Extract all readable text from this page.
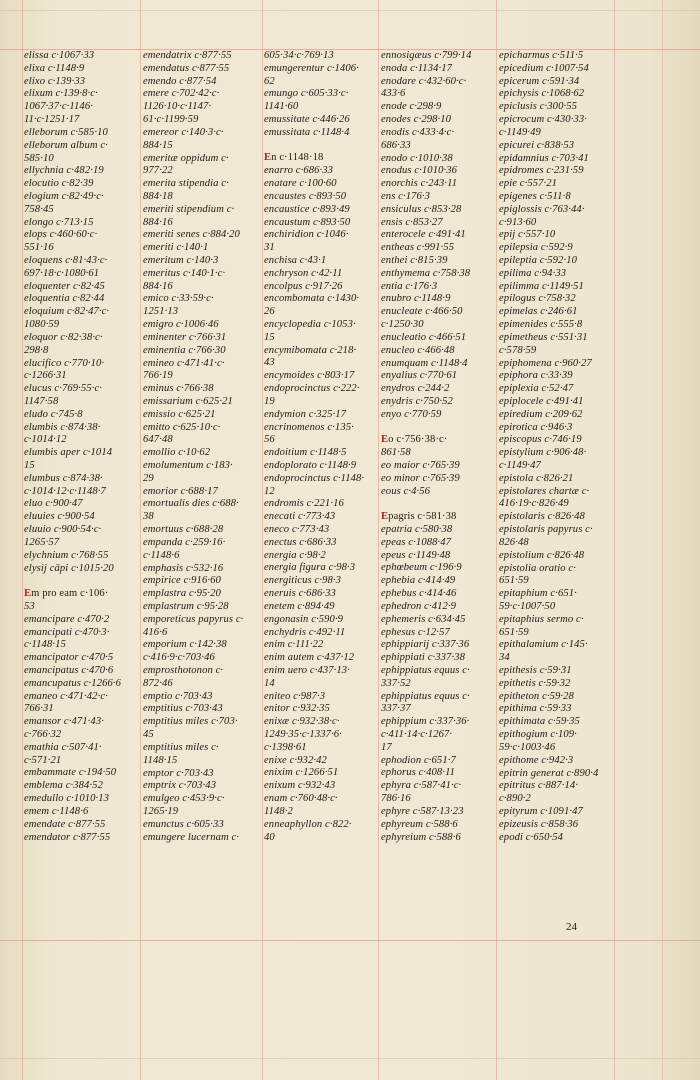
elissa c·1067·33
elixa c·1148·9
elixo c·139·33
elixum c·139·8·c·
1067·37·c·1146·
11·c·1251·17
elleborum c·585·10
elleborum album c·
585·10
ellychnia c·482·19
elocutio c·82·39
elogium c·82·49·c·
758·45
elongo c·713·15
elops c·460·60·c·
551·16
eloquens c·81·43·c·
697·18·c·1080·61
eloquenter c·82·45
eloquentia c·82·44
eloquium c·82·47·c·
1080·59
eloquor c·82·38·c·
298·8
elucifico c·770·10·
c·1266·31
elucus c·769·55·c·
1147·58
eludo c·745·8
elumbis c·874·38·
c·1014·12
elumbis aper c·1014
15
elumbus c·874·38·
c·1014·12·c·1148·7
eluo c·900·47
eluuies c·900·54
eluuio c·900·54·c·
1265·57
elychnium c·768·55
elysij cāpi c·1015·20
Em pro eam c·106·
53
emancipare c·470·2
emancipati c·470·3·
c·1148·15
emancipator c·470·5
emancipatus c·470·6
emancupatus c·1266·6
emaneo c·471·42·c·
766·31
emansor c·471·43·
c·766·32
emathia c·507·41·
c·571·21
embammate c·194·50
emblema c·384·52
emedullo c·1010·13
emem c·1148·6
emendate c·877·55
emendator c·877·55
emendatrix c·877·55
emendatus c·877·55
emendo c·877·54
emere c·702·42·c·
1126·10·c·1147·
61·c·1199·59
emereor c·140·3·c·
884·15
emeritæ oppidum c·
977·22
emerita stipendia c·
884·18
emeriti stipendium c·
884·16
emeriti senes c·884·20
emeriti c·140·1
emeritum c·140·3
emeritus c·140·1·c·
884·16
emico c·33·59·c·
1251·13
emigro c·1006·46
eminenter c·766·31
eminentia c·766·30
emineo c·471·41·c·
766·19
eminus c·766·38
emissarium c·625·21
emissio c·625·21
emitto c·625·10·c·
647·48
emollio c·10·62
emolumentum c·183·
29
emorior c·688·17
emortualis dies c·688·
38
emortuus c·688·28
empanda c·259·16·
c·1148·6
emphasis c·532·16
empirice c·916·60
emplastra c·95·20
emplastrum c·95·28
emporeticus papyrus c·
416·6
emporium c·142·38
c·416·9·c·703·46
emprosthotonon c·
872·46
emptio c·703·43
emptitius c·703·43
emptitius miles c·703·
45
emptitius miles c·
1148·15
emptor c·703·43
emptrix c·703·43
emulgeo c·453·9·c·
1265·19
emunctus c·605·33
emungere lucernam c·
605·34·c·769·13
emungerentur c·1406·
62
emungo c·605·33·c·
1141·60
emussitate c·446·26
emussitata c·1148·4
En c·1148·18
enarro c·686·33
enatare c·100·60
encaustes c·893·50
encaustice c·893·49
encaustum c·893·50
enchiridion c·1046·
31
enchisa c·43·1
enchryson c·42·11
encolpus c·917·26
encombomata c·1430·
26
encyclopedia c·1053·
15
encymibomata c·218·
43
encymoides c·803·17
endoprocinctus c·222·
19
endymion c·325·17
encrinomenos c·135·
56
endoitium c·1148·5
endoplorato c·1148·9
endoprocinctus c·1148·
12
endromis c·221·16
enecati c·773·43
eneco c·773·43
enectus c·686·33
energia c·98·2
energia figura c·98·3
energiticus c·98·3
eneruis c·686·33
enetem c·894·49
engonasin c·590·9
enchydris c·492·11
enim c·111·22
enim autem c·437·12
enim uero c·437·13·
14
eniteo c·987·3
enitor c·932·35
enixæ c·932·38·c·
1249·35·c·1337·6·
c·1398·61
enixe c·932·42
enixim c·1266·51
enixum c·932·43
enam c·760·48·c·
1148·2
enneaphyllon c·822·
40
ennosigæus c·799·14
enoda c·1134·17
enodare c·432·60·c·
433·6
enode c·298·9
enodes c·298·10
enodis c·433·4·c·
686·33
enodo c·1010·38
enodus c·1010·36
enorchis c·243·11
ens c·176·3
ensiculus c·853·28
ensis c·853·27
enterocele c·491·41
entheas c·991·55
enthei c·815·39
enthymema c·758·38
entia c·176·3
enubro c·1148·9
enucleate c·466·50
c·1250·30
enucleatio c·466·51
enucleo c·466·48
enumquam c·1148·4
enyalius c·770·61
enydros c·244·2
enydris c·750·52
enyo c·770·59
Eo c·756·38·c·
861·58
eo maior c·765·39
eo minor c·765·39
eous c·4·56
Epagris c·581·38
epatria c·580·38
epeas c·1088·47
epeus c·1149·48
ephœbeum c·196·9
ephebia c·414·49
ephebus c·414·46
ephedron c·412·9
ephemeris c·634·45
ephesus c·12·57
ephippiarij c·337·36
ephippiati c·337·38
ephippiatus equus c·
337·52
ephippiatus equus c·
337·37
ephippium c·337·36·
c·411·14·c·1267·
17
ephodion c·651·7
ephorus c·408·11
ephyra c·587·41·c·
786·16
ephyre c·587·13·23
ephyreum c·588·6
ephyreium c·588·6
epicharmus c·511·5
epicedium c·1007·54
epicerum c·591·34
epichysis c·1068·62
epiclusis c·300·55
epicrocum c·430·33·
c·1149·49
epicurei c·838·53
epidamnius c·703·41
epidromes c·231·59
epie c·557·21
epigenes c·511·8
epiglossis c·763·44·
c·913·60
epij c·557·10
epilepsia c·592·9
epileptia c·592·10
epilima c·94·33
epilimma c·1149·51
epilogus c·758·32
epimelas c·246·61
epimenides c·555·8
epimetheus c·551·31
c·578·59
epiphomena c·960·27
epiphora c·33·39
epiplexia c·52·47
epiplocele c·491·41
epiredium c·209·62
epirotica c·946·3
episcopus c·746·19
epistylium c·906·48·
c·1149·47
epistola c·826·21
epistolares chartæ c·
416·19·c·826·49
epistolaris c·826·48
epistolaris papyrus c·
826·48
epistolium c·826·48
epistolia oratio c·
651·59
epitaphium c·651·
59·c·1007·50
epitaphius sermo c·
651·59
epithalamium c·145·
34
epithesis c·59·31
epithetis c·59·32
epitheton c·59·28
epithima c·59·33
epithimata c·59·35
epithogium c·109·
59·c·1003·46
epithome c·942·3
epitrin generat c·890·4
epitritus c·887·14·
c·890·2
epityrum c·1091·47
epizeusis c·858·36
epodi c·650·54
24
